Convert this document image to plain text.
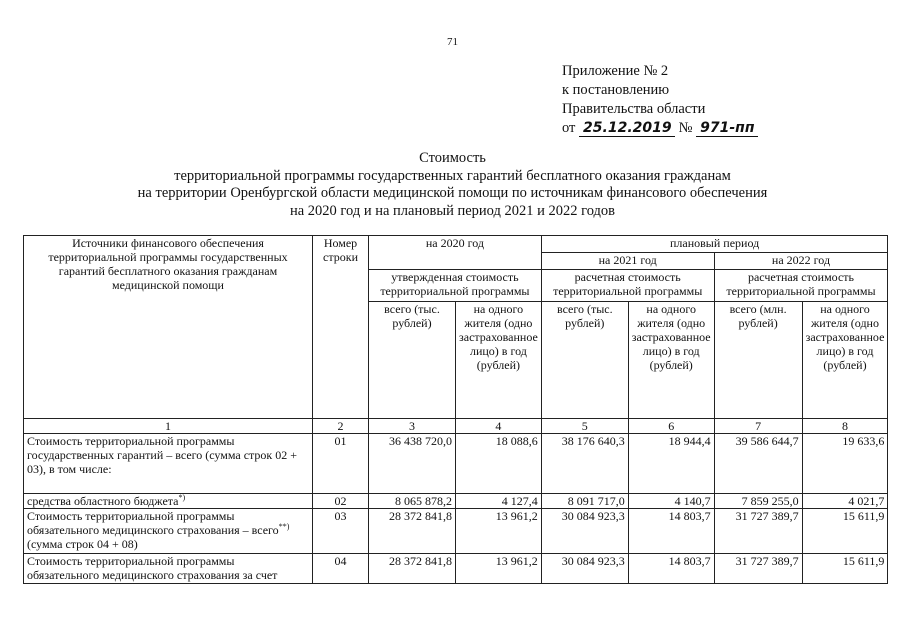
71
Приложение № 2
к постановлению
Правительства области
от 25.12.2019 № 971-пп
Стоимость
территориальной программы государственных гарантий бесплатного оказания гражданам
на территории Оренбургской области медицинской помощи по источникам финансового обеспечения
на 2020 год и на плановый период 2021 и 2022 годов
Источники финансового обеспечения территориальной программы государственных гарантий бесплатного оказания гражданам медицинской помощи	Номер строки	на 2020 год		плановый период			
				на 2021 год		на 2022 год	
		утвержденная стоимость территориальной программы		расчетная стоимость территориальной программы		расчетная стоимость территориальной программы	
		всего (тыс. рублей)	на одного жителя (одно застрахованное лицо) в год (рублей)	всего (тыс. рублей)	на одного жителя (одно застрахованное лицо) в год (рублей)	всего (млн. рублей)	на одного жителя (одно застрахованное лицо) в год (рублей)
1	2	3	4	5	6	7	8
Стоимость территориальной программы государственных гарантий – всего (сумма строк 02 + 03), в том числе:	01	36 438 720,0	18 088,6	38 176 640,3	18 944,4	39 586 644,7	19 633,6
средства областного бюджета*)	02	8 065 878,2	4 127,4	8 091 717,0	4 140,7	7 859 255,0	4 021,7
Стоимость территориальной программы обязательного медицинского страхования – всего**)
(сумма строк 04 + 08)	03	28 372 841,8	13 961,2	30 084 923,3	14 803,7	31 727 389,7	15 611,9
Стоимость территориальной программы обязательного медицинского страхования за счет	04	28 372 841,8	13 961,2	30 084 923,3	14 803,7	31 727 389,7	15 611,9
